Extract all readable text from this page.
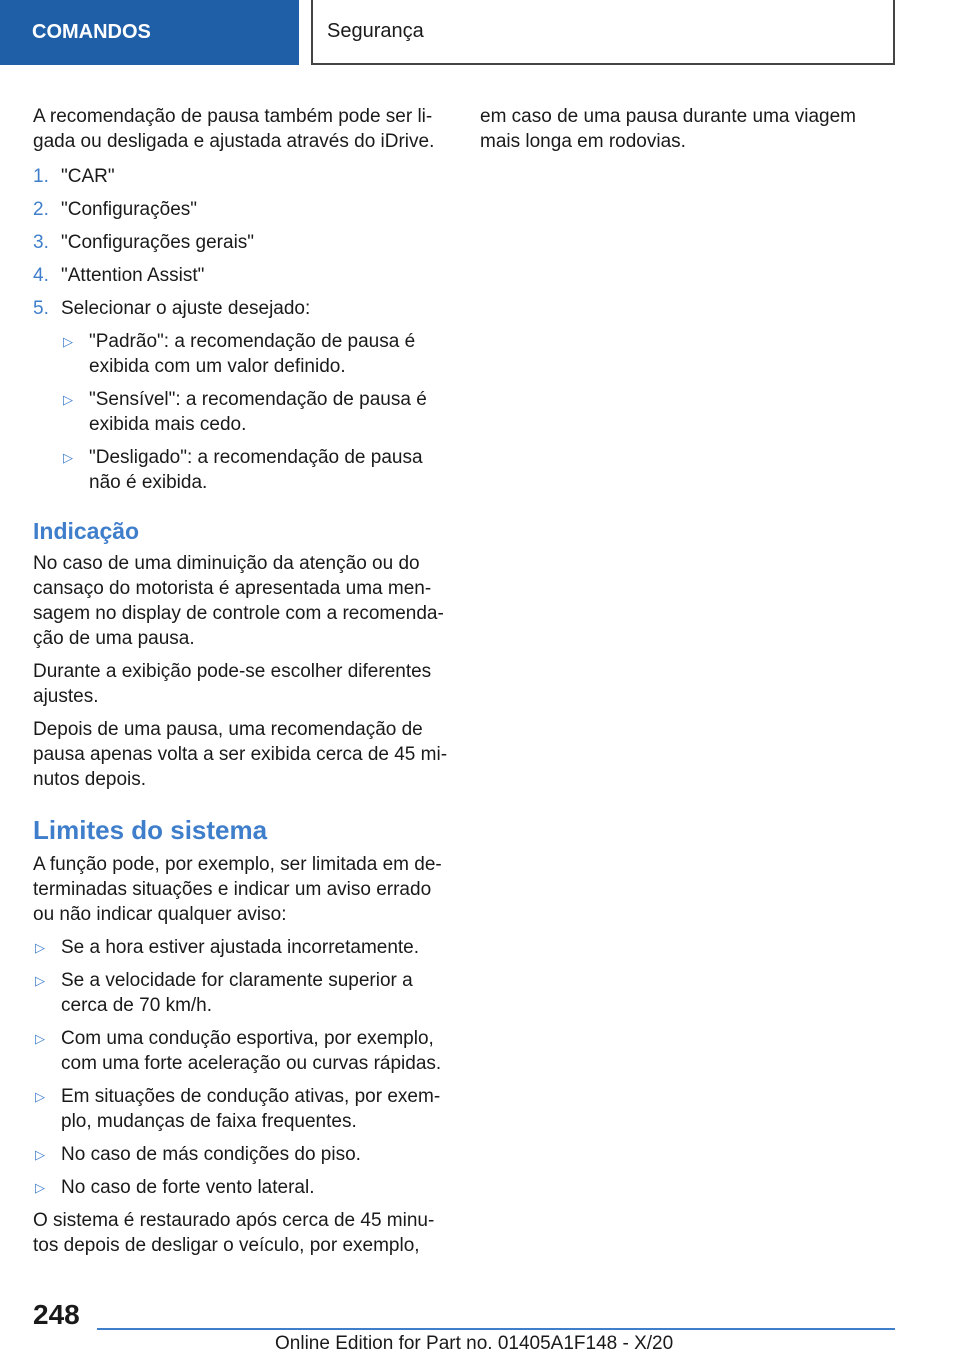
COMANDOS	Segurança

A recomendação de pausa também pode ser ligada ou desligada e ajustada através do iDrive.

1. "CAR"
2. "Configurações"
3. "Configurações gerais"
4. "Attention Assist"
5. Selecionar o ajuste desejado:
▷ "Padrão": a recomendação de pausa é exibida com um valor definido.
▷ "Sensível": a recomendação de pausa é exibida mais cedo.
▷ "Desligado": a recomendação de pausa não é exibida.
Indicação

No caso de uma diminuição da atenção ou do cansaço do motorista é apresentada uma mensagem no display de controle com a recomendação de uma pausa.

Durante a exibição pode-se escolher diferentes ajustes.

Depois de uma pausa, uma recomendação de pausa apenas volta a ser exibida cerca de 45 minutos depois.

Limites do sistema

A função pode, por exemplo, ser limitada em determinadas situações e indicar um aviso errado ou não indicar qualquer aviso:

▷ Se a hora estiver ajustada incorretamente.
▷ Se a velocidade for claramente superior a cerca de 70 km/h.
▷ Com uma condução esportiva, por exemplo, com uma forte aceleração ou curvas rápidas.
▷ Em situações de condução ativas, por exemplo, mudanças de faixa frequentes.
▷ No caso de más condições do piso.
▷ No caso de forte vento lateral.

O sistema é restaurado após cerca de 45 minutos depois de desligar o veículo, por exemplo,

em caso de uma pausa durante uma viagem mais longa em rodovias.

248
Online Edition for Part no. 01405A1F148 - X/20
